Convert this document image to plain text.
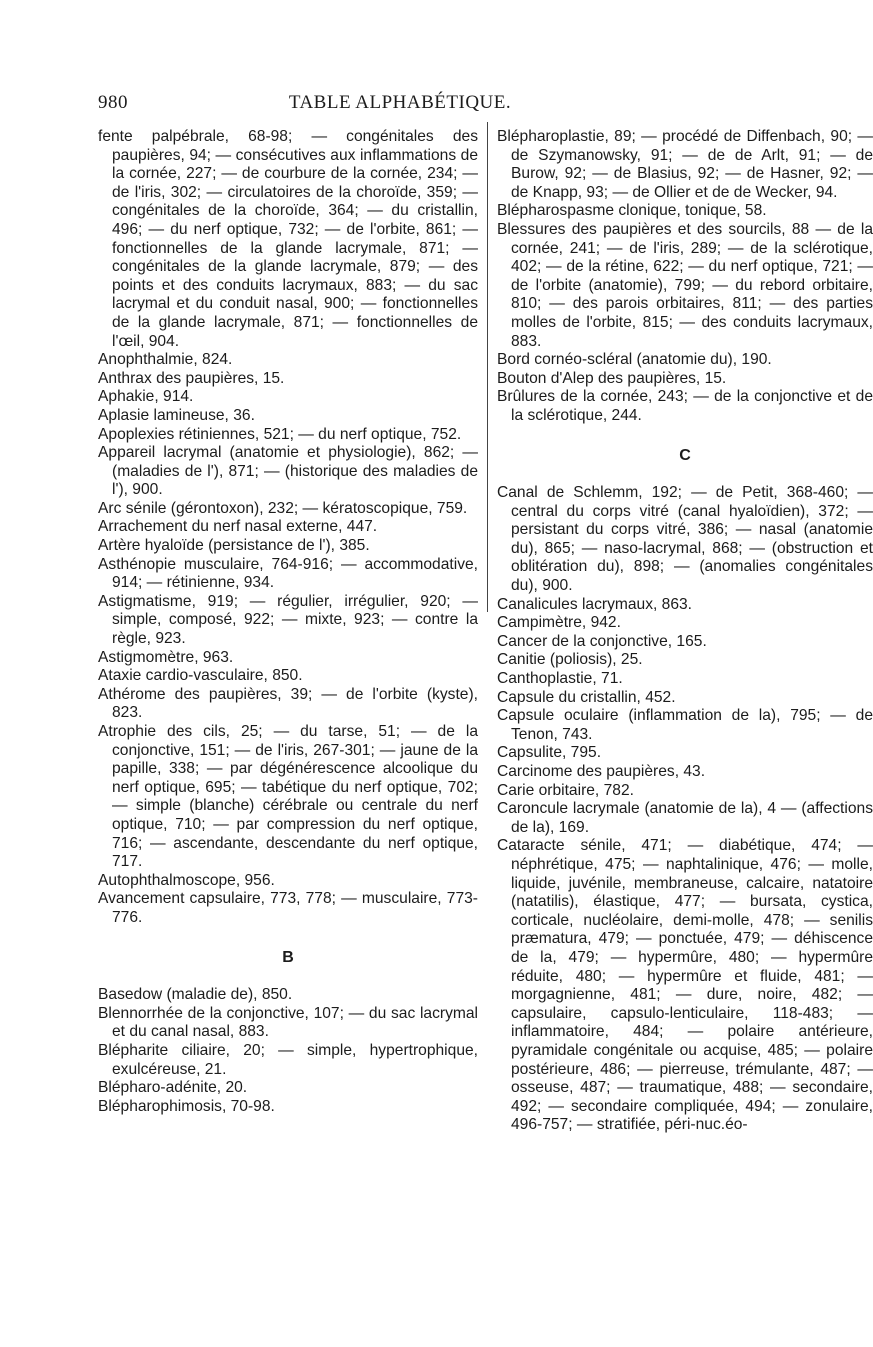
980	TABLE ALPHABÉTIQUE.

fente palpébrale, 68-98; — congénitales des paupières, 94; — consécutives aux inflammations de la cornée, 227; — de courbure de la cornée, 234; — de l'iris, 302; — circulatoires de la choroïde, 359; — congénitales de la choroïde, 364; — du cristallin, 496; — du nerf optique, 732; — de l'orbite, 861; — fonctionnelles de la glande lacrymale, 871; — congénitales de la glande lacrymale, 879; — des points et des conduits lacrymaux, 883; — du sac lacrymal et du conduit nasal, 900; — fonctionnelles de la glande lacrymale, 871; — fonctionnelles de l'œil, 904.

Anophthalmie, 824.

Anthrax des paupières, 15.

Aphakie, 914.

Aplasie lamineuse, 36.

Apoplexies rétiniennes, 521; — du nerf optique, 752.

Appareil lacrymal (anatomie et physiologie), 862; — (maladies de l'), 871; — (historique des maladies de l'), 900.

Arc sénile (gérontoxon), 232; — kératoscopique, 759.

Arrachement du nerf nasal externe, 447.

Artère hyaloïde (persistance de l'), 385.

Asthénopie musculaire, 764-916; — accommodative, 914; — rétinienne, 934.

Astigmatisme, 919; — régulier, irrégulier, 920; — simple, composé, 922; — mixte, 923; — contre la règle, 923.

Astigmomètre, 963.

Ataxie cardio-vasculaire, 850.

Athérome des paupières, 39; — de l'orbite (kyste), 823.

Atrophie des cils, 25; — du tarse, 51; — de la conjonctive, 151; — de l'iris, 267-301; — jaune de la papille, 338; — par dégénérescence alcoolique du nerf optique, 695; — tabétique du nerf optique, 702; — simple (blanche) cérébrale ou centrale du nerf optique, 710; — par compression du nerf optique, 716; — ascendante, descendante du nerf optique, 717.

Autophthalmoscope, 956.

Avancement capsulaire, 773, 778; — musculaire, 773-776.

B

Basedow (maladie de), 850.

Blennorrhée de la conjonctive, 107; — du sac lacrymal et du canal nasal, 883.

Blépharite ciliaire, 20; — simple, hypertrophique, exulcéreuse, 21.

Blépharo-adénite, 20.

Blépharophimosis, 70-98.

Blépharoplastie, 89; — procédé de Diffenbach, 90; — de Szymanowsky, 91; — de de Arlt, 91; — de Burow, 92; — de Blasius, 92; — de Hasner, 92; — de Knapp, 93; — de Ollier et de de Wecker, 94.

Blépharospasme clonique, tonique, 58.

Blessures des paupières et des sourcils, 88 — de la cornée, 241; — de l'iris, 289; — de la sclérotique, 402; — de la rétine, 622; — du nerf optique, 721; — de l'orbite (anatomie), 799; — du rebord orbitaire, 810; — des parois orbitaires, 811; — des parties molles de l'orbite, 815; — des conduits lacrymaux, 883.

Bord cornéo-scléral (anatomie du), 190.

Bouton d'Alep des paupières, 15.

Brûlures de la cornée, 243; — de la conjonctive et de la sclérotique, 244.

C

Canal de Schlemm, 192; — de Petit, 368-460; — central du corps vitré (canal hyaloïdien), 372; — persistant du corps vitré, 386; — nasal (anatomie du), 865; — naso-lacrymal, 868; — (obstruction et oblitération du), 898; — (anomalies congénitales du), 900.

Canalicules lacrymaux, 863.

Campimètre, 942.

Cancer de la conjonctive, 165.

Canitie (poliosis), 25.

Canthoplastie, 71.

Capsule du cristallin, 452.

Capsule oculaire (inflammation de la), 795; — de Tenon, 743.

Capsulite, 795.

Carcinome des paupières, 43.

Carie orbitaire, 782.

Caroncule lacrymale (anatomie de la), 4 — (affections de la), 169.

Cataracte sénile, 471; — diabétique, 474; — néphrétique, 475; — naphtalinique, 476; — molle, liquide, juvénile, membraneuse, calcaire, natatoire (natatilis), élastique, 477; — bursata, cystica, corticale, nucléolaire, demi-molle, 478; — senilis præmatura, 479; — ponctuée, 479; — déhiscence de la, 479; — hypermûre, 480; — hypermûre réduite, 480; — hypermûre et fluide, 481; — morgagnienne, 481; — dure, noire, 482; — capsulaire, capsulo-lenticulaire, 118-483; — inflammatoire, 484; — polaire antérieure, pyramidale congénitale ou acquise, 485; — polaire postérieure, 486; — pierreuse, trémulante, 487; — osseuse, 487; — traumatique, 488; — secondaire, 492; — secondaire compliquée, 494; — zonulaire, 496-757; — stratifiée, péri-nuc.éo-
